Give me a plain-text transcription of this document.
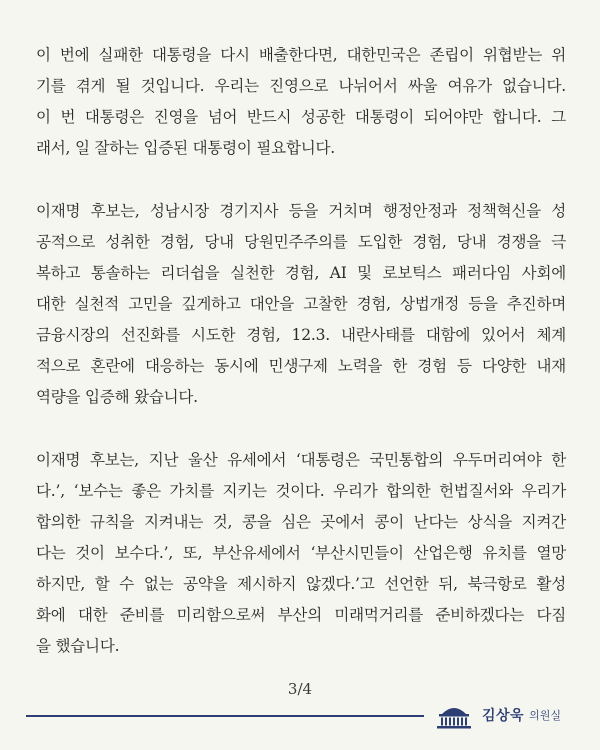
이 번에 실패한 대통령을 다시 배출한다면, 대한민국은 존립이 위협받는 위
기를 겪게 될 것입니다. 우리는 진영으로 나뉘어서 싸울 여유가 없습니다.
이 번 대통령은 진영을 넘어 반드시 성공한 대통령이 되어야만 합니다. 그
래서, 일 잘하는 입증된 대통령이 필요합니다.
이재명 후보는, 성남시장 경기지사 등을 거치며 행정안정과 정책혁신을 성
공적으로 성취한 경험, 당내 당원민주주의를 도입한 경험, 당내 경쟁을 극
복하고 통솔하는 리더쉽을 실천한 경험, AI 및 로보틱스 패러다임 사회에
대한 실천적 고민을 깊게하고 대안을 고찰한 경험, 상법개정 등을 추진하며
금융시장의 선진화를 시도한 경험, 12.3. 내란사태를 대함에 있어서 체계
적으로 혼란에 대응하는 동시에 민생구제 노력을 한 경험 등 다양한 내재
역량을 입증해 왔습니다.
이재명 후보는, 지난 울산 유세에서 ‘대통령은 국민통합의 우두머리여야 한
다.’, ‘보수는 좋은 가치를 지키는 것이다. 우리가 합의한 헌법질서와 우리가
합의한 규칙을 지켜내는 것, 콩을 심은 곳에서 콩이 난다는 상식을 지켜간
다는 것이 보수다.’, 또, 부산유세에서 ‘부산시민들이 산업은행 유치를 열망
하지만, 할 수 없는 공약을 제시하지 않겠다.’고 선언한 뒤, 북극항로 활성
화에 대한 준비를 미리함으로써 부산의 미래먹거리를 준비하겠다는 다짐
을 했습니다.
3/4
김상욱 의원실
